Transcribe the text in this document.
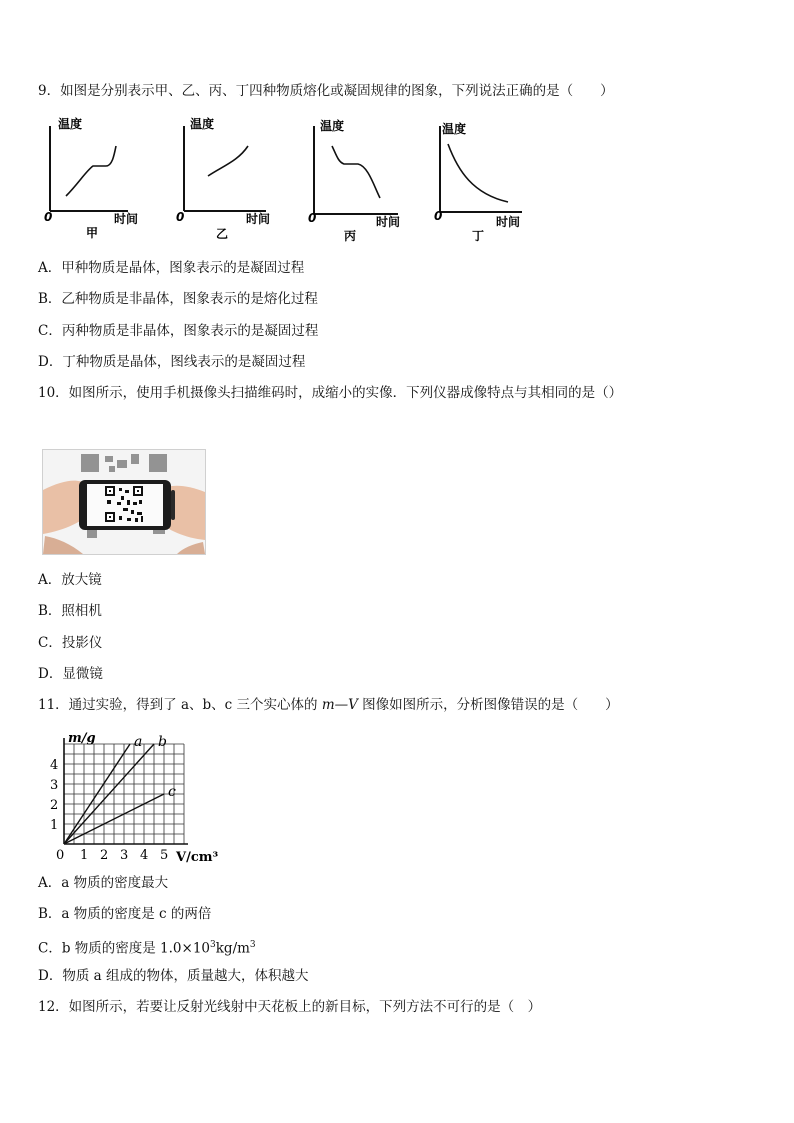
9．如图是分别表示甲、乙、丙、丁四种物质熔化或凝固规律的图象，下列说法正确的是（　　）
温度
时间
0
甲
温度
时间
0
乙
温度
时间
0
丙
温度
时间
0
丁
A．甲种物质是晶体，图象表示的是凝固过程
B．乙种物质是非晶体，图象表示的是熔化过程
C．丙种物质是非晶体，图象表示的是凝固过程
D．丁种物质是晶体，图线表示的是凝固过程
10．如图所示，使用手机摄像头扫描维码时，成缩小的实像．下列仪器成像特点与其相同的是（）
A．放大镜
B．照相机
C．投影仪
D．显微镜
11．通过实验，得到了 a、b、c 三个实心体的 m—V 图像如图所示，分析图像错误的是（　　）
a b
c
0 1 2 3 4 5
1
2
3
4
m/g
V/cm³
A．a 物质的密度最大
B．a 物质的密度是 c 的两倍
C．b 物质的密度是 $1.0\times 10^3kg/m^3$
D．物质 a 组成的物体，质量越大，体积越大
12．如图所示，若要让反射光线射中天花板上的新目标，下列方法不可行的是（　）
